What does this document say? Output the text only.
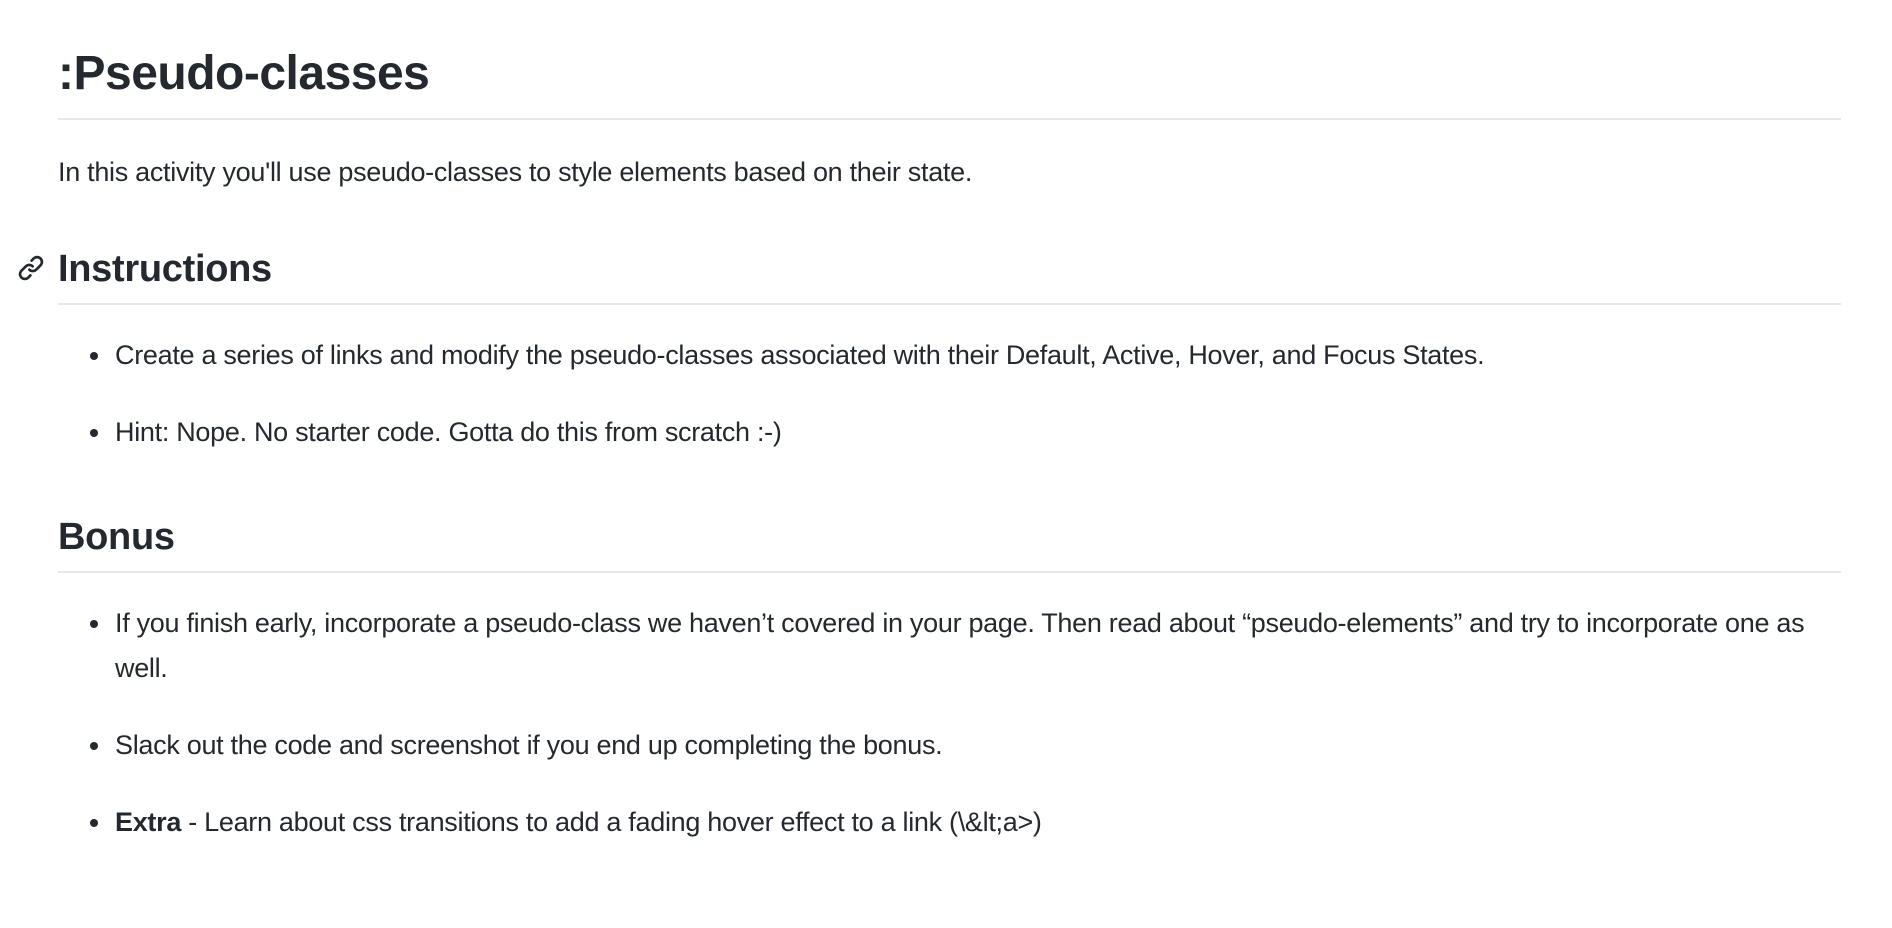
:Pseudo-classes

In this activity you'll use pseudo-classes to style elements based on their state.

Instructions
• Create a series of links and modify the pseudo-classes associated with their Default, Active, Hover, and Focus States.
• Hint: Nope. No starter code. Gotta do this from scratch :-)
Bonus
• If you finish early, incorporate a pseudo-class we haven’t covered in your page. Then read about “pseudo-elements” and try to incorporate one as well.
• Slack out the code and screenshot if you end up completing the bonus.
• Extra - Learn about css transitions to add a fading hover effect to a link (\&lt;a>)
